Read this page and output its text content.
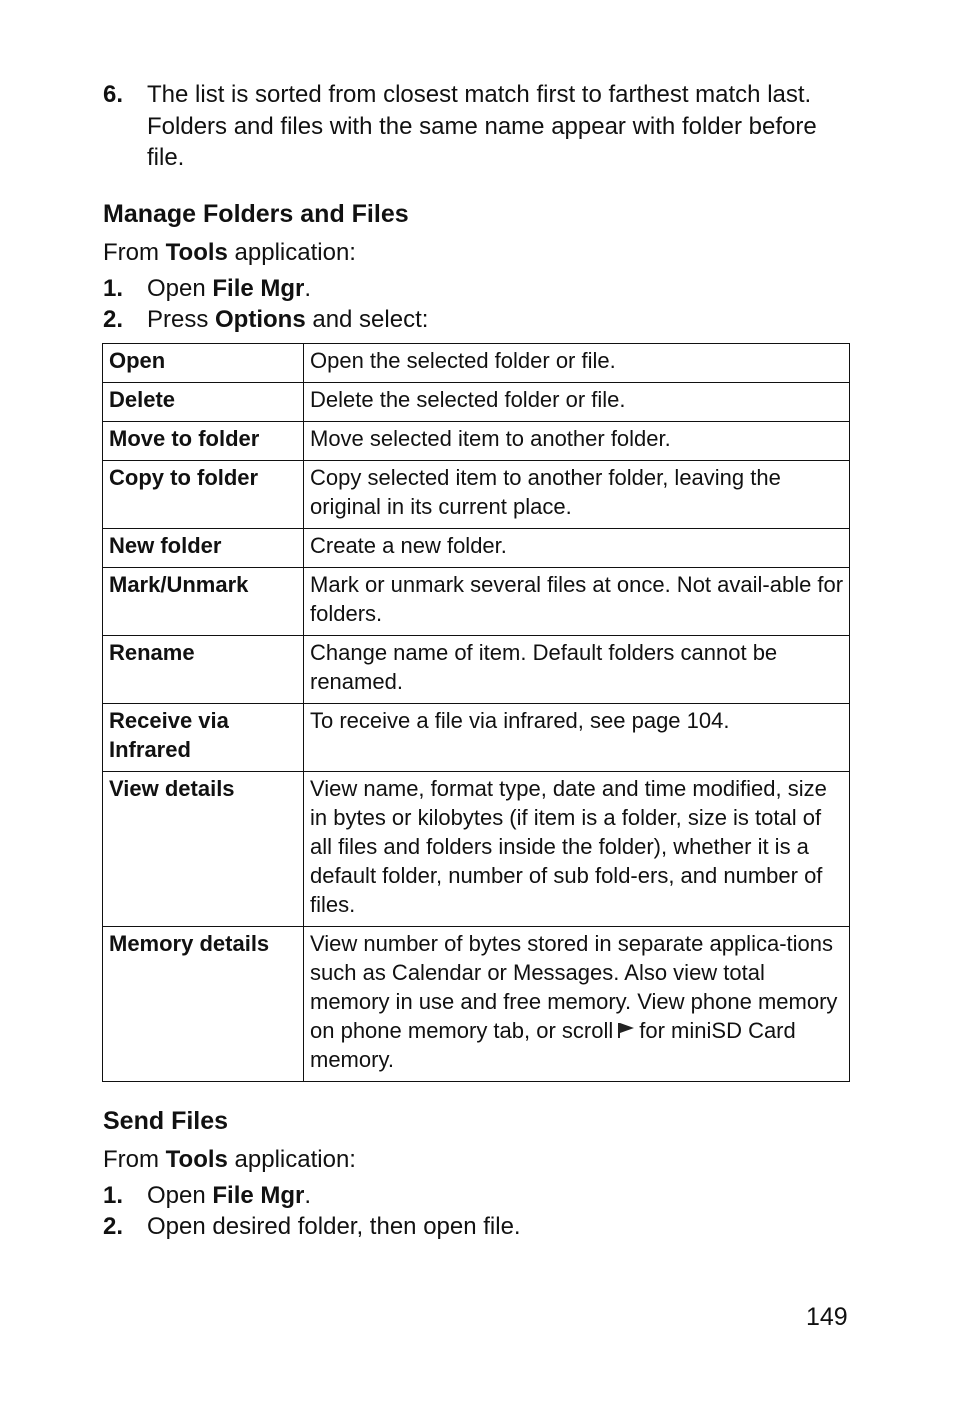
6. The list is sorted from closest match first to farthest match last. Folders and files with the same name appear with folder before file.
Manage Folders and Files
From Tools application:
1. Open File Mgr.
2. Press Options and select:
Open	Open the selected folder or file.
Delete	Delete the selected folder or file.
Move to folder	Move selected item to another folder.
Copy to folder	Copy selected item to another folder, leaving the original in its current place.
New folder	Create a new folder.
Mark/Unmark	Mark or unmark several files at once. Not avail-able for folders.
Rename	Change name of item. Default folders cannot be renamed.
Receive via Infrared	To receive a file via infrared, see page 104.
View details	View name, format type, date and time modified, size in bytes or kilobytes (if item is a folder, size is total of all files and folders inside the folder), whether it is a default folder, number of sub fold-ers, and number of files.
Memory details	View number of bytes stored in separate applica-tions such as Calendar or Messages. Also view total memory in use and free memory. View phone memory on phone memory tab, or scroll for miniSD Card memory.
Send Files
From Tools application:
1. Open File Mgr.
2. Open desired folder, then open file.
149
